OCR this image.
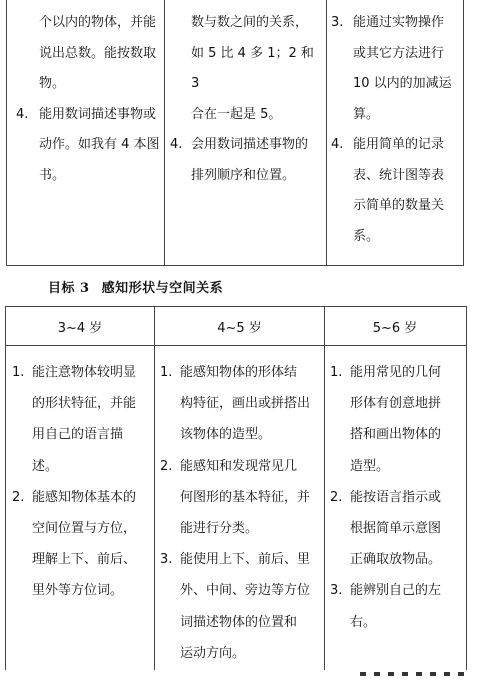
个以内的物体，并能
说出总数。能按数取
物。
4. 能用数词描述事物或
动作。如我有 4 本图
书。
数与数之间的关系，
如 5 比 4 多 1；2 和 3
合在一起是 5。
4. 会用数词描述事物的
排列顺序和位置。
3. 能通过实物操作
或其它方法进行
10 以内的加减运
算。
4. 能用简单的记录
表、统计图等表
示简单的数量关
系。
目标 3 感知形状与空间关系
3~4 岁	4~5 岁	5~6 岁
1. 能注意物体较明显
的形状特征，并能
用自己的语言描
述。
2. 能感知物体基本的
空间位置与方位，
理解上下、前后、
里外等方位词。
1. 能感知物体的形体结
构特征，画出或拼搭出
该物体的造型。
2. 能感知和发现常见几
何图形的基本特征，并
能进行分类。
3. 能使用上下、前后、里
外、中间、旁边等方位
词描述物体的位置和
运动方向。
1. 能用常见的几何
形体有创意地拼
搭和画出物体的
造型。
2. 能按语言指示或
根据简单示意图
正确取放物品。
3. 能辨别自己的左
右。
